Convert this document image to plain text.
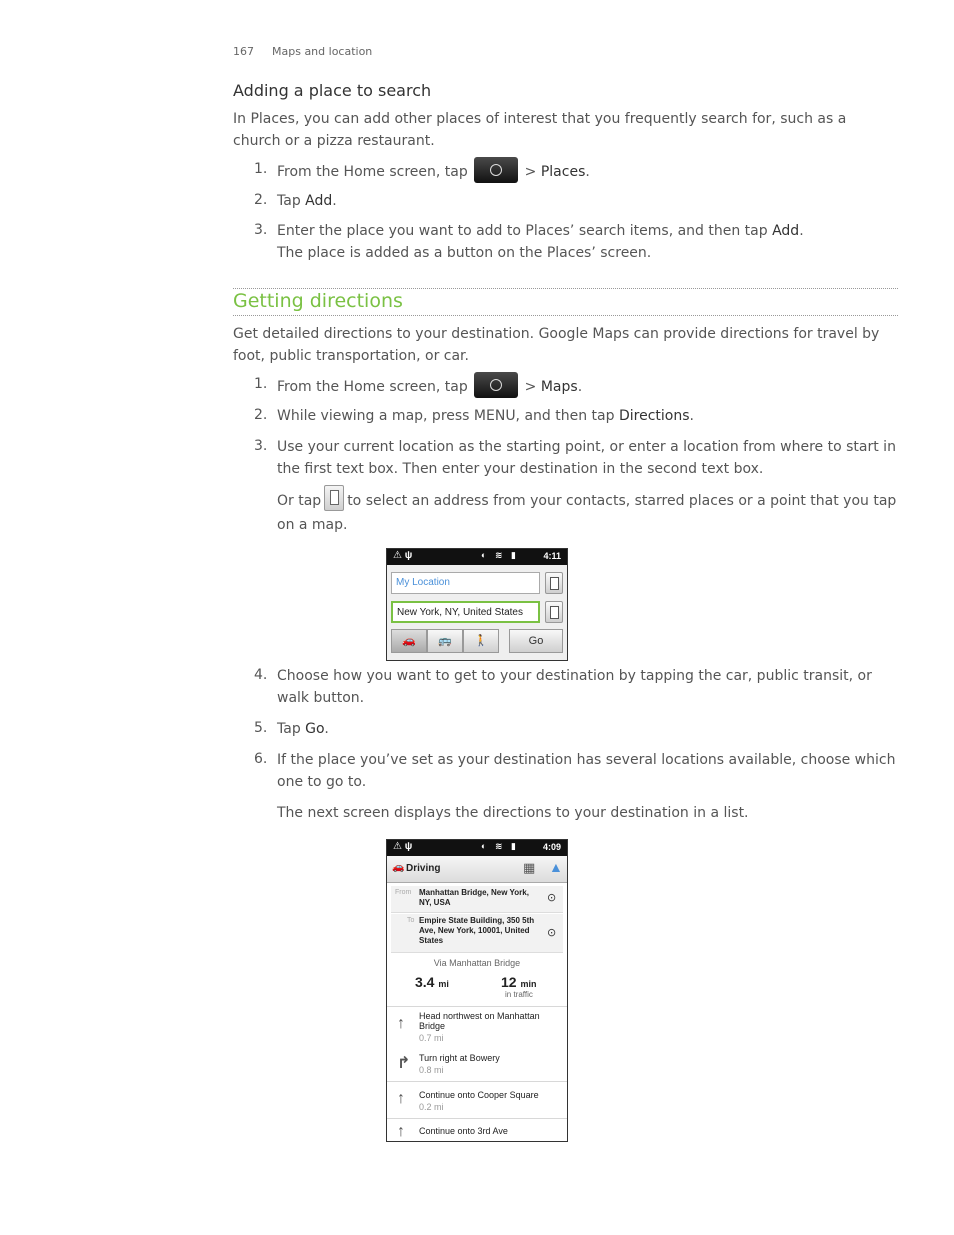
167 Maps and location
Adding a place to search

In Places, you can add other places of interest that you frequently search for, such as a church or a pizza restaurant.

1. From the Home screen, tap	> Places.
2. Tap Add.
3. Enter the place you want to add to Places’ search items, and then tap Add.
The place is added as a button on the Places’ screen.
Getting directions

Get detailed directions to your destination. Google Maps can provide directions for travel by foot, public transportation, or car.

1. From the Home screen, tap	> Maps.
2. While viewing a map, press MENU, and then tap Directions.
3. Use your current location as the starting point, or enter a location from where to start in the first text box. Then enter your destination in the second text box.
Or tap to select an address from your contacts, starred places or a point that you tap on a map.
⚠ ψ	◐ ≋ ▮	4:11
My Location
New York, NY, United States
🚗	🚌	🚶	Go
4. Choose how you want to get to your destination by tapping the car, public transit, or walk button.
5. Tap Go.
6. If the place you’ve set as your destination has several locations available, choose which one to go to.
The next screen displays the directions to your destination in a list.
⚠ ψ	◐ ≋ ▮	4:09
🚗 Driving	▦ ▲
From Manhattan Bridge, New York, NY, USA	⊙
To Empire State Building, 350 5th Ave, New York, 10001, United States
⊙
Via Manhattan Bridge
3.4 mi	12 min
in traffic
↑ Head northwest on Manhattan Bridge
0.7 mi
↱ Turn right at Bowery
0.8 mi
↑ Continue onto Cooper Square
0.2 mi
↑ Continue onto 3rd Ave
